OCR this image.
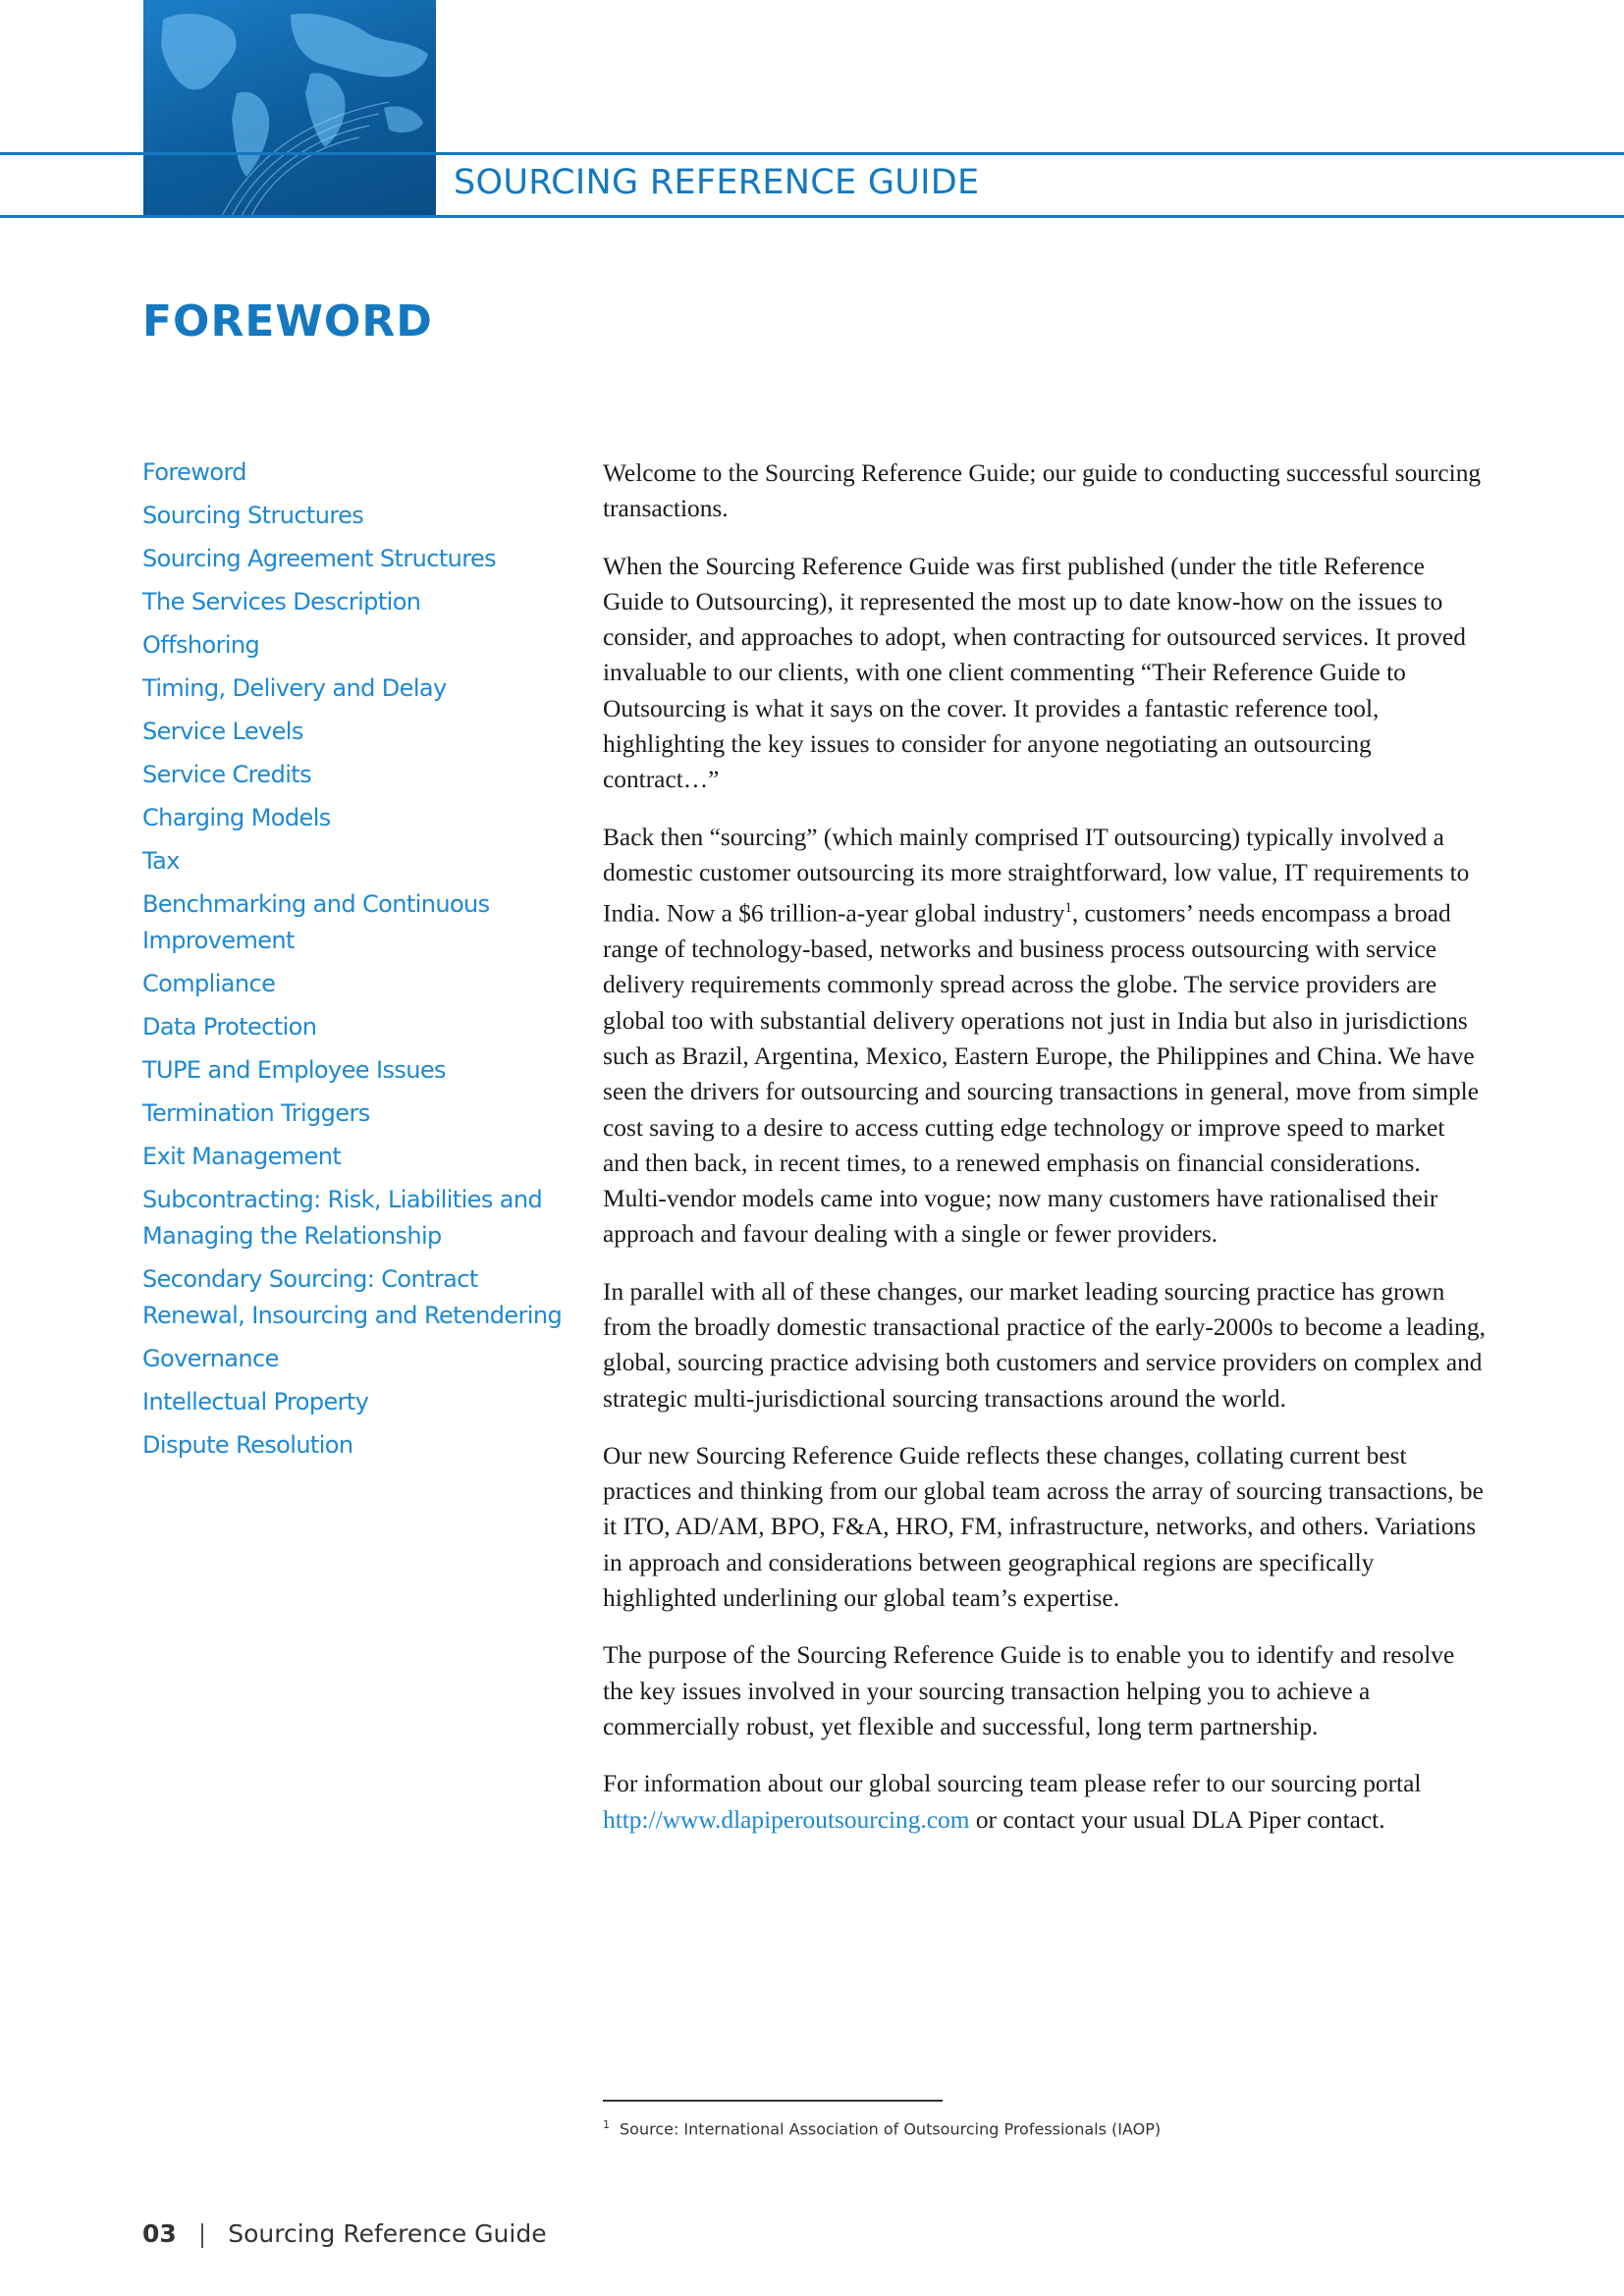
SOURCING REFERENCE GUIDE
FOREWORD
Foreword
Sourcing Structures
Sourcing Agreement Structures
The Services Description
Offshoring
Timing, Delivery and Delay
Service Levels
Service Credits
Charging Models
Tax
Benchmarking and Continuous Improvement
Compliance
Data Protection
TUPE and Employee Issues
Termination Triggers
Exit Management
Subcontracting: Risk, Liabilities and Managing the Relationship
Secondary Sourcing: Contract Renewal, Insourcing and Retendering
Governance
Intellectual Property
Dispute Resolution

Welcome to the Sourcing Reference Guide; our guide to conducting successful sourcing transactions.

When the Sourcing Reference Guide was first published (under the title Reference Guide to Outsourcing), it represented the most up to date know-how on the issues to consider, and approaches to adopt, when contracting for outsourced services. It proved invaluable to our clients, with one client commenting “Their Reference Guide to Outsourcing is what it says on the cover. It provides a fantastic reference tool, highlighting the key issues to consider for anyone negotiating an outsourcing contract…”

Back then “sourcing” (which mainly comprised IT outsourcing) typically involved a domestic customer outsourcing its more straightforward, low value, IT requirements to India. Now a $6 trillion-a-year global industry$^1$, customers’ needs encompass a broad range of technology-based, networks and business process outsourcing with service delivery requirements commonly spread across the globe. The service providers are global too with substantial delivery operations not just in India but also in jurisdictions such as Brazil, Argentina, Mexico, Eastern Europe, the Philippines and China. We have seen the drivers for outsourcing and sourcing transactions in general, move from simple cost saving to a desire to access cutting edge technology or improve speed to market and then back, in recent times, to a renewed emphasis on financial considerations. Multi-vendor models came into vogue; now many customers have rationalised their approach and favour dealing with a single or fewer providers.

In parallel with all of these changes, our market leading sourcing practice has grown from the broadly domestic transactional practice of the early-2000s to become a leading, global, sourcing practice advising both customers and service providers on complex and strategic multi-jurisdictional sourcing transactions around the world.

Our new Sourcing Reference Guide reflects these changes, collating current best practices and thinking from our global team across the array of sourcing transactions, be it ITO, AD/AM, BPO, F&A, HRO, FM, infrastructure, networks, and others. Variations in approach and considerations between geographical regions are specifically highlighted underlining our global team’s expertise.

The purpose of the Sourcing Reference Guide is to enable you to identify and resolve the key issues involved in your sourcing transaction helping you to achieve a commercially robust, yet flexible and successful, long term partnership.

For information about our global sourcing team please refer to our sourcing portal http://www.dlapiperoutsourcing.com or contact your usual DLA Piper contact.

$^1$ Source: International Association of Outsourcing Professionals (IAOP)
03 | Sourcing Reference Guide
